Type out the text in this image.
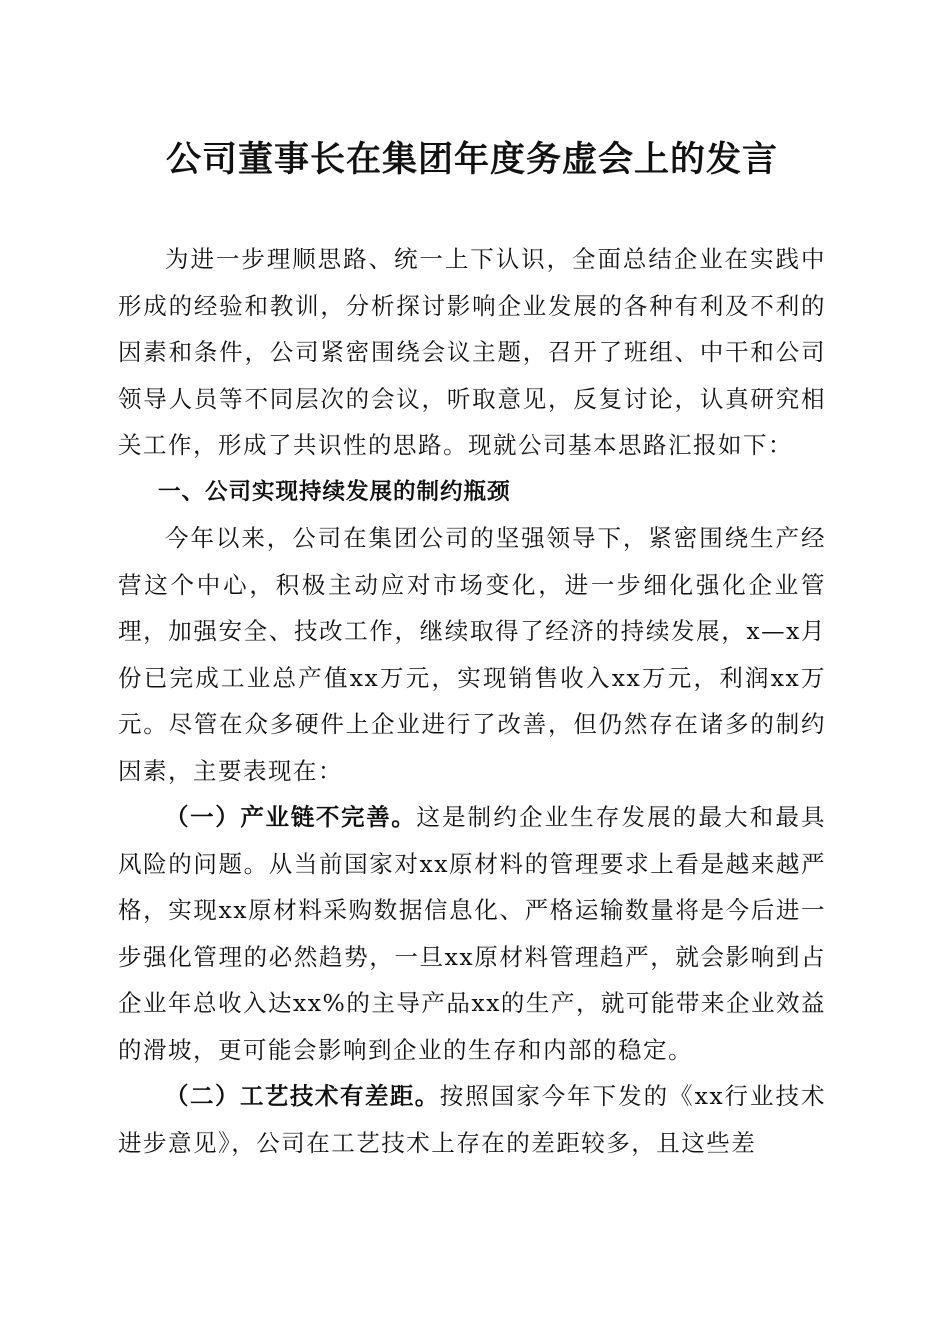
公司董事长在集团年度务虚会上的发言

为进一步理顺思路、统一上下认识，全面总结企业在实践中形成的经验和教训，分析探讨影响企业发展的各种有利及不利的因素和条件，公司紧密围绕会议主题，召开了班组、中干和公司领导人员等不同层次的会议，听取意见，反复讨论，认真研究相关工作，形成了共识性的思路。现就公司基本思路汇报如下：

一、公司实现持续发展的制约瓶颈

今年以来，公司在集团公司的坚强领导下，紧密围绕生产经营这个中心，积极主动应对市场变化，进一步细化强化企业管理，加强安全、技改工作，继续取得了经济的持续发展，x—x月份已完成工业总产值xx万元，实现销售收入xx万元，利润xx万元。尽管在众多硬件上企业进行了改善，但仍然存在诸多的制约因素，主要表现在：

（一）产业链不完善。这是制约企业生存发展的最大和最具风险的问题。从当前国家对xx原材料的管理要求上看是越来越严格，实现xx原材料采购数据信息化、严格运输数量将是今后进一步强化管理的必然趋势，一旦xx原材料管理趋严，就会影响到占企业年总收入达xx%的主导产品xx的生产，就可能带来企业效益的滑坡，更可能会影响到企业的生存和内部的稳定。

（二）工艺技术有差距。按照国家今年下发的《xx行业技术进步意见》，公司在工艺技术上存在的差距较多，且这些差
